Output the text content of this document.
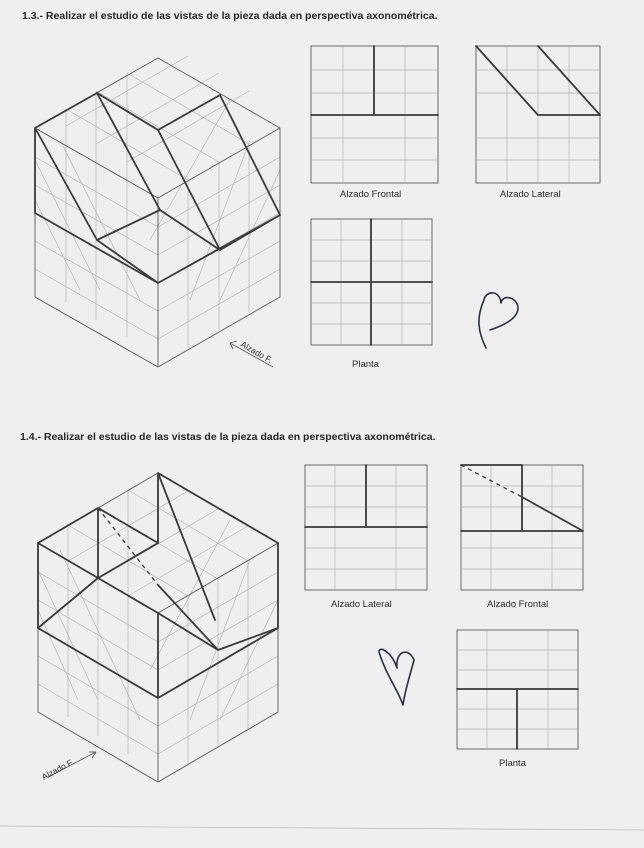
1.3.- Realizar el estudio de las vistas de la pieza dada en perspectiva axonométrica.
Alzado Frontal	Alzado Lateral
Planta
Alzado F.
1.4.- Realizar el estudio de las vistas de la pieza dada en perspectiva axonométrica.
Alzado Lateral	Alzado Frontal
Planta
Alzado F.
